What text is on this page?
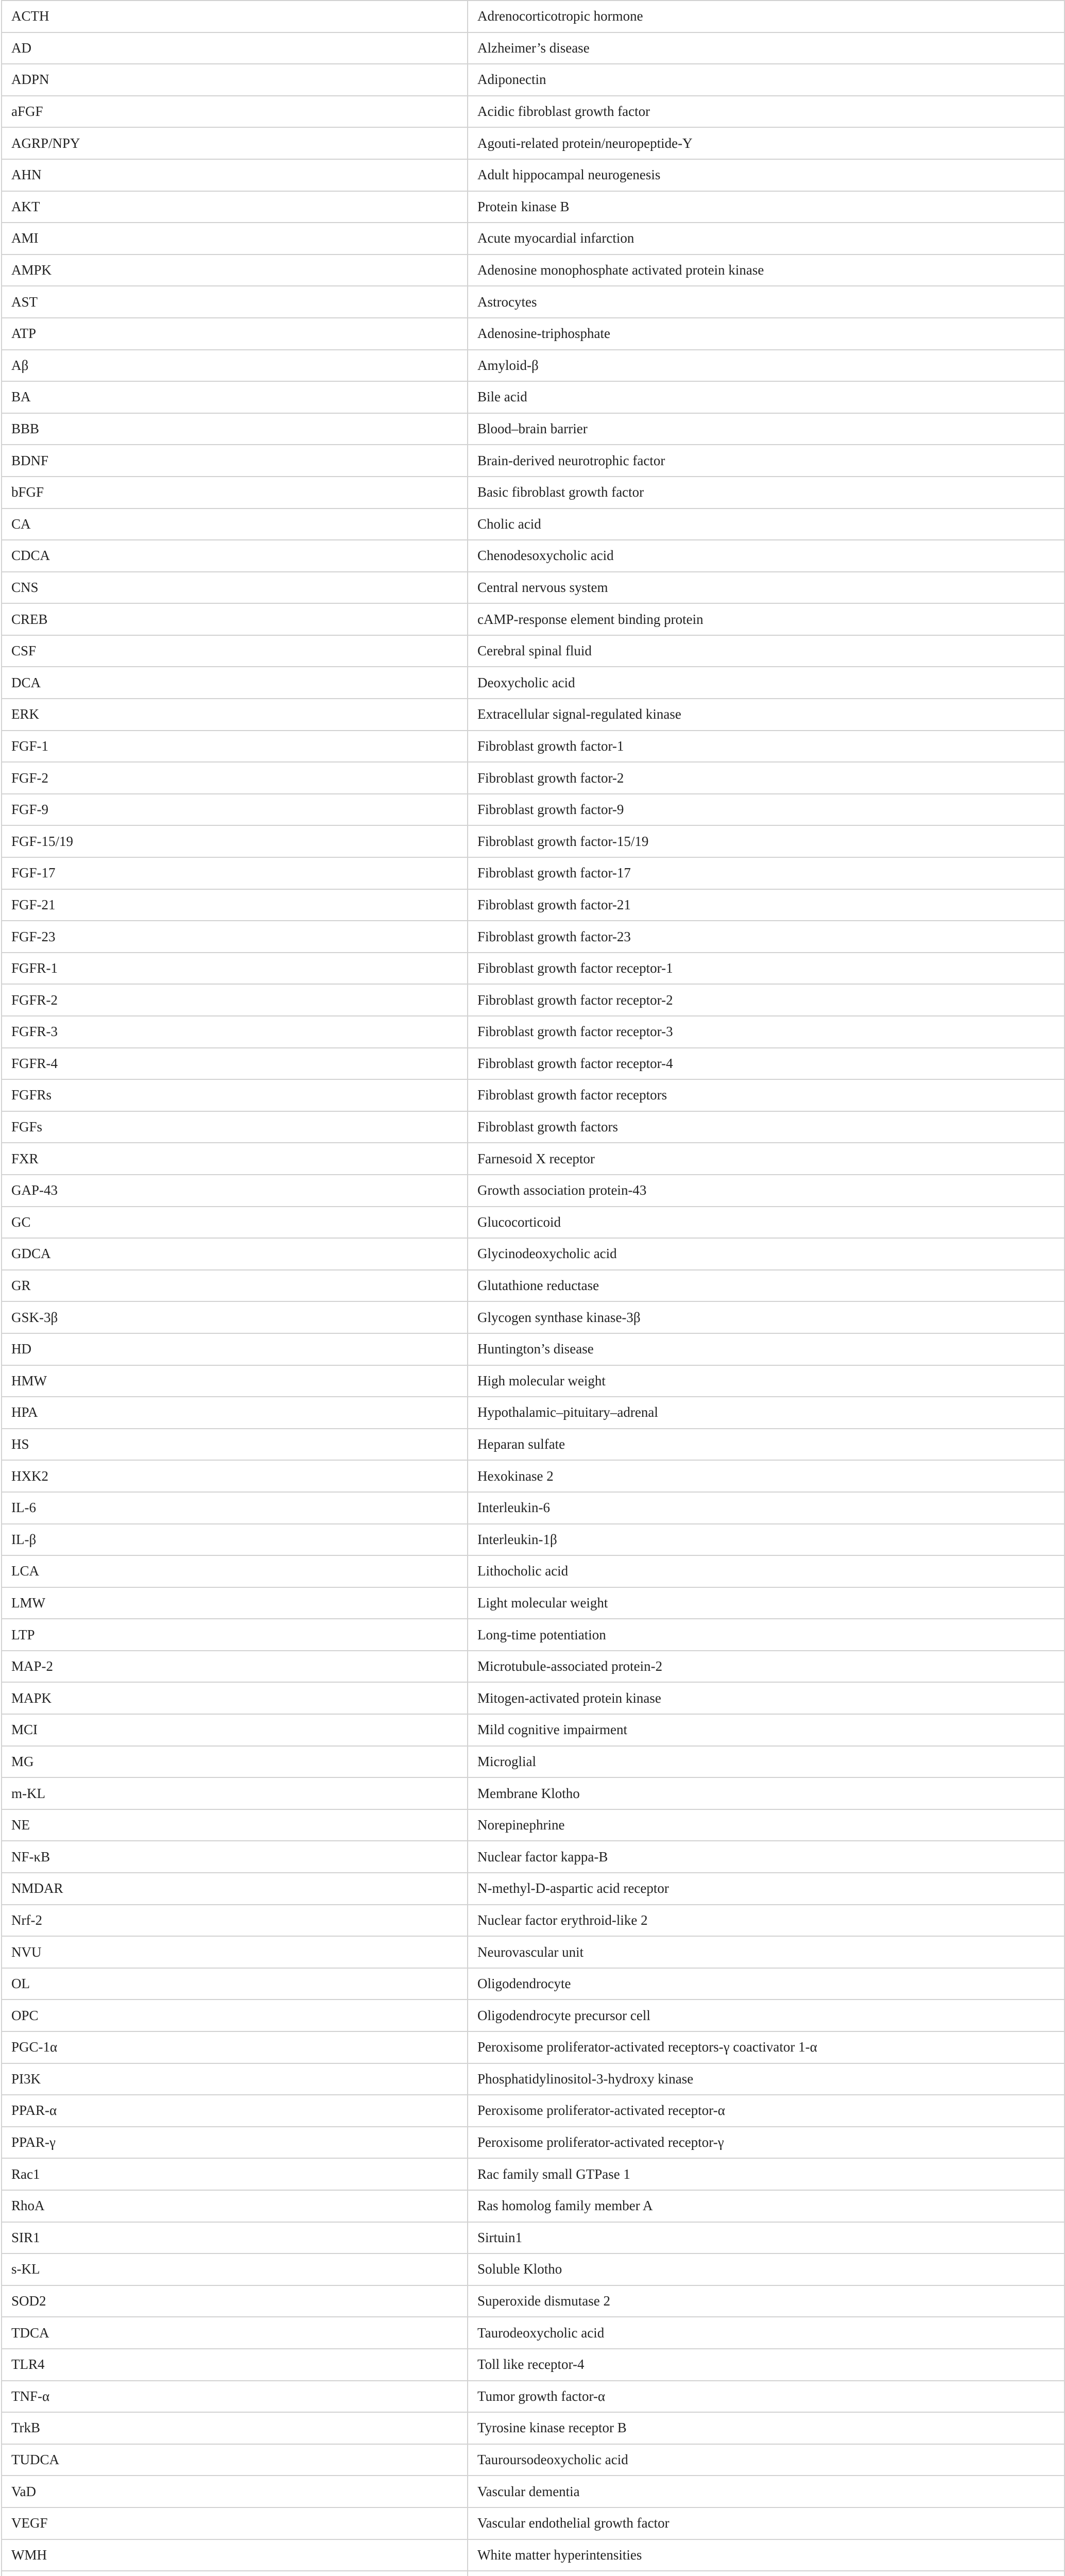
ACTH	Adrenocorticotropic hormone
AD	Alzheimer’s disease
ADPN	Adiponectin
aFGF	Acidic fibroblast growth factor
AGRP/NPY	Agouti-related protein/neuropeptide-Y
AHN	Adult hippocampal neurogenesis
AKT	Protein kinase B
AMI	Acute myocardial infarction
AMPK	Adenosine monophosphate activated protein kinase
AST	Astrocytes
ATP	Adenosine-triphosphate
Aβ	Amyloid-β
BA	Bile acid
BBB	Blood–brain barrier
BDNF	Brain-derived neurotrophic factor
bFGF	Basic fibroblast growth factor
CA	Cholic acid
CDCA	Chenodesoxycholic acid
CNS	Central nervous system
CREB	cAMP-response element binding protein
CSF	Cerebral spinal fluid
DCA	Deoxycholic acid
ERK	Extracellular signal-regulated kinase
FGF-1	Fibroblast growth factor-1
FGF-2	Fibroblast growth factor-2
FGF-9	Fibroblast growth factor-9
FGF-15/19	Fibroblast growth factor-15/19
FGF-17	Fibroblast growth factor-17
FGF-21	Fibroblast growth factor-21
FGF-23	Fibroblast growth factor-23
FGFR-1	Fibroblast growth factor receptor-1
FGFR-2	Fibroblast growth factor receptor-2
FGFR-3	Fibroblast growth factor receptor-3
FGFR-4	Fibroblast growth factor receptor-4
FGFRs	Fibroblast growth factor receptors
FGFs	Fibroblast growth factors
FXR	Farnesoid X receptor
GAP-43	Growth association protein-43
GC	Glucocorticoid
GDCA	Glycinodeoxycholic acid
GR	Glutathione reductase
GSK-3β	Glycogen synthase kinase-3β
HD	Huntington’s disease
HMW	High molecular weight
HPA	Hypothalamic–pituitary–adrenal
HS	Heparan sulfate
HXK2	Hexokinase 2
IL-6	Interleukin-6
IL-β	Interleukin-1β
LCA	Lithocholic acid
LMW	Light molecular weight
LTP	Long-time potentiation
MAP-2	Microtubule-associated protein-2
MAPK	Mitogen-activated protein kinase
MCI	Mild cognitive impairment
MG	Microglial
m-KL	Membrane Klotho
NE	Norepinephrine
NF-κB	Nuclear factor kappa-B
NMDAR	N-methyl-D-aspartic acid receptor
Nrf-2	Nuclear factor erythroid-like 2
NVU	Neurovascular unit
OL	Oligodendrocyte
OPC	Oligodendrocyte precursor cell
PGC-1α	Peroxisome proliferator-activated receptors-γ coactivator 1-α
PI3K	Phosphatidylinositol-3-hydroxy kinase
PPAR-α	Peroxisome proliferator-activated receptor-α
PPAR-γ	Peroxisome proliferator-activated receptor-γ
Rac1	Rac family small GTPase 1
RhoA	Ras homolog family member A
SIR1	Sirtuin1
s-KL	Soluble Klotho
SOD2	Superoxide dismutase 2
TDCA	Taurodeoxycholic acid
TLR4	Toll like receptor-4
TNF-α	Tumor growth factor-α
TrkB	Tyrosine kinase receptor B
TUDCA	Tauroursodeoxycholic acid
VaD	Vascular dementia
VEGF	Vascular endothelial growth factor
WMH	White matter hyperintensities
